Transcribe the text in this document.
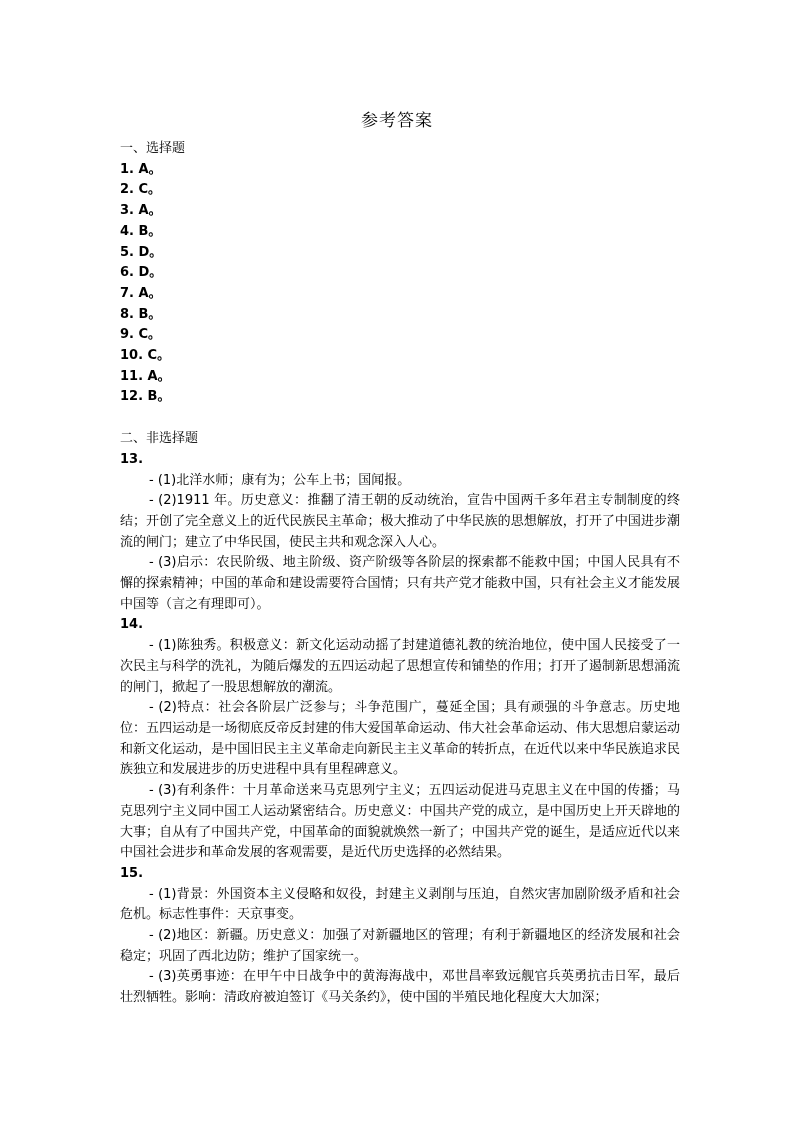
参考答案
一、选择题
1. A。
2. C。
3. A。
4. B。
5. D。
6. D。
7. A。
8. B。
9. C。
10. C。
11. A。
12. B。
二、非选择题
13.
- (1)北洋水师；康有为；公车上书；国闻报。
- (2)1911 年。历史意义：推翻了清王朝的反动统治，宣告中国两千多年君主专制制度的终结；开创了完全意义上的近代民族民主革命；极大推动了中华民族的思想解放，打开了中国进步潮流的闸门；建立了中华民国，使民主共和观念深入人心。
- (3)启示：农民阶级、地主阶级、资产阶级等各阶层的探索都不能救中国；中国人民具有不懈的探索精神；中国的革命和建设需要符合国情；只有共产党才能救中国，只有社会主义才能发展中国等（言之有理即可）。
14.
- (1)陈独秀。积极意义：新文化运动动摇了封建道德礼教的统治地位，使中国人民接受了一次民主与科学的洗礼，为随后爆发的五四运动起了思想宣传和铺垫的作用；打开了遏制新思想涌流的闸门，掀起了一股思想解放的潮流。
- (2)特点：社会各阶层广泛参与；斗争范围广，蔓延全国；具有顽强的斗争意志。历史地位：五四运动是一场彻底反帝反封建的伟大爱国革命运动、伟大社会革命运动、伟大思想启蒙运动和新文化运动，是中国旧民主主义革命走向新民主主义革命的转折点，在近代以来中华民族追求民族独立和发展进步的历史进程中具有里程碑意义。
- (3)有利条件：十月革命送来马克思列宁主义；五四运动促进马克思主义在中国的传播；马克思列宁主义同中国工人运动紧密结合。历史意义：中国共产党的成立，是中国历史上开天辟地的大事；自从有了中国共产党，中国革命的面貌就焕然一新了；中国共产党的诞生，是适应近代以来中国社会进步和革命发展的客观需要，是近代历史选择的必然结果。
15.
- (1)背景：外国资本主义侵略和奴役，封建主义剥削与压迫，自然灾害加剧阶级矛盾和社会危机。标志性事件：天京事变。
- (2)地区：新疆。历史意义：加强了对新疆地区的管理；有利于新疆地区的经济发展和社会稳定；巩固了西北边防；维护了国家统一。
- (3)英勇事迹：在甲午中日战争中的黄海海战中，邓世昌率致远舰官兵英勇抗击日军，最后壮烈牺牲。影响：清政府被迫签订《马关条约》，使中国的半殖民地化程度大大加深；
